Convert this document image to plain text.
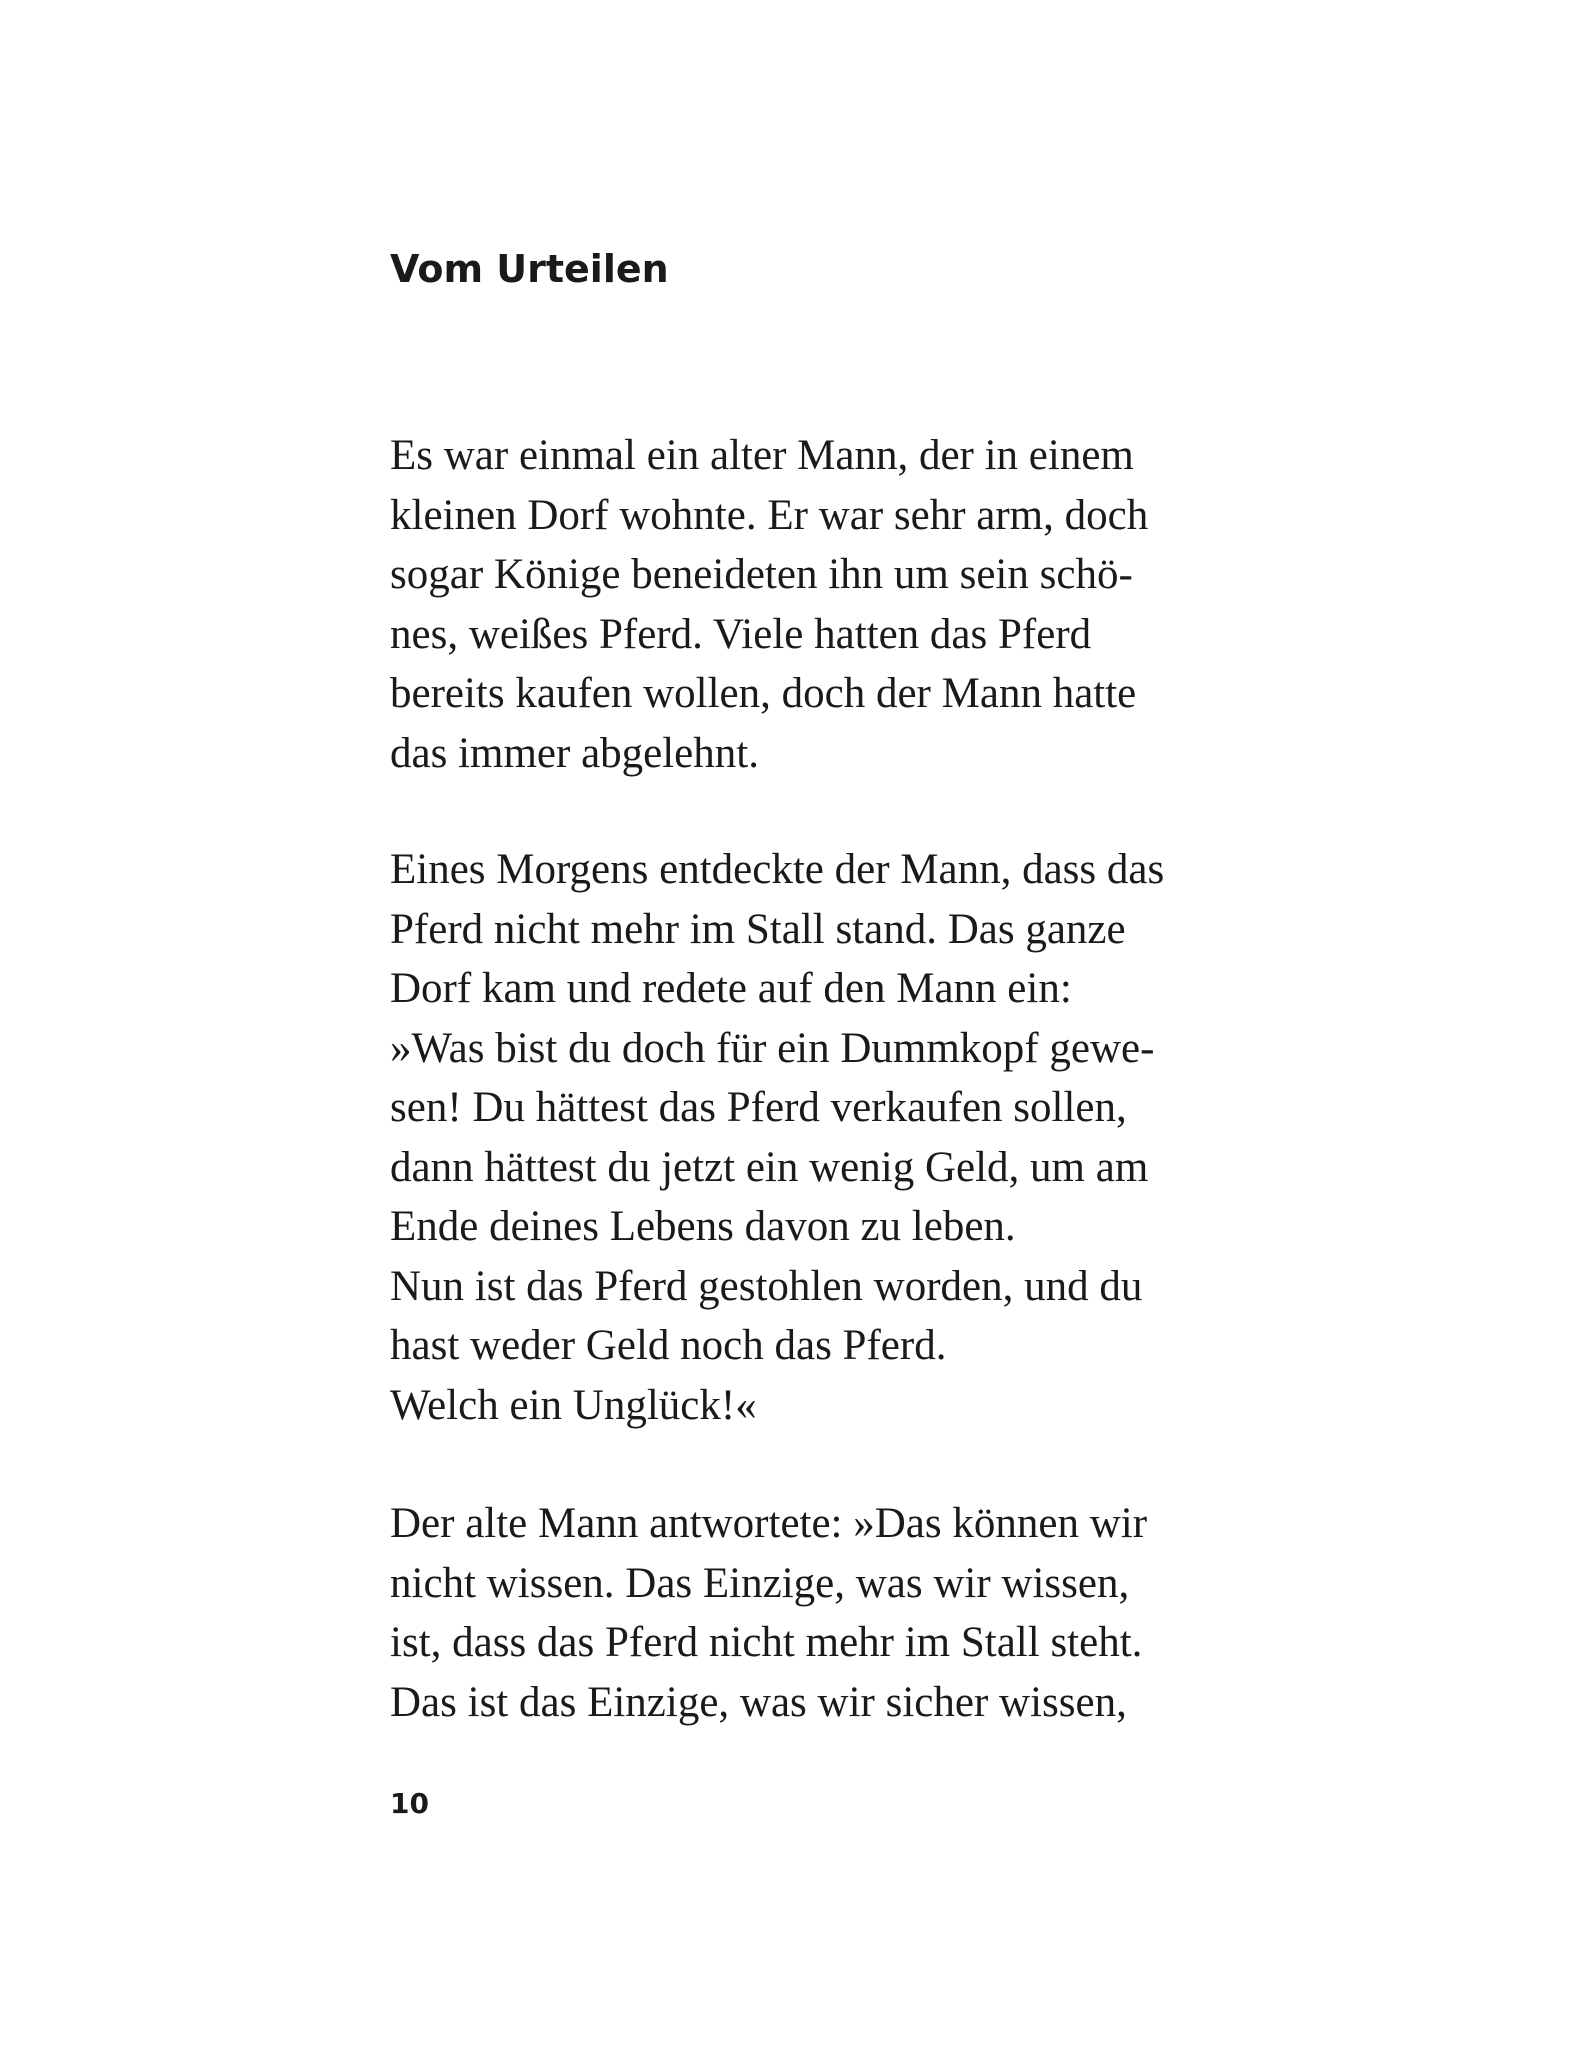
Vom Urteilen

Es war einmal ein alter Mann, der in einem
kleinen Dorf wohnte. Er war sehr arm, doch
sogar Könige beneideten ihn um sein schö-
nes, weißes Pferd. Viele hatten das Pferd
bereits kaufen wollen, doch der Mann hatte
das immer abgelehnt.

Eines Morgens entdeckte der Mann, dass das
Pferd nicht mehr im Stall stand. Das ganze
Dorf kam und redete auf den Mann ein:
»Was bist du doch für ein Dummkopf gewe-
sen! Du hättest das Pferd verkaufen sollen,
dann hättest du jetzt ein wenig Geld, um am
Ende deines Lebens davon zu leben.
Nun ist das Pferd gestohlen worden, und du
hast weder Geld noch das Pferd.
Welch ein Unglück!«

Der alte Mann antwortete: »Das können wir
nicht wissen. Das Einzige, was wir wissen,
ist, dass das Pferd nicht mehr im Stall steht.
Das ist das Einzige, was wir sicher wissen,

10
